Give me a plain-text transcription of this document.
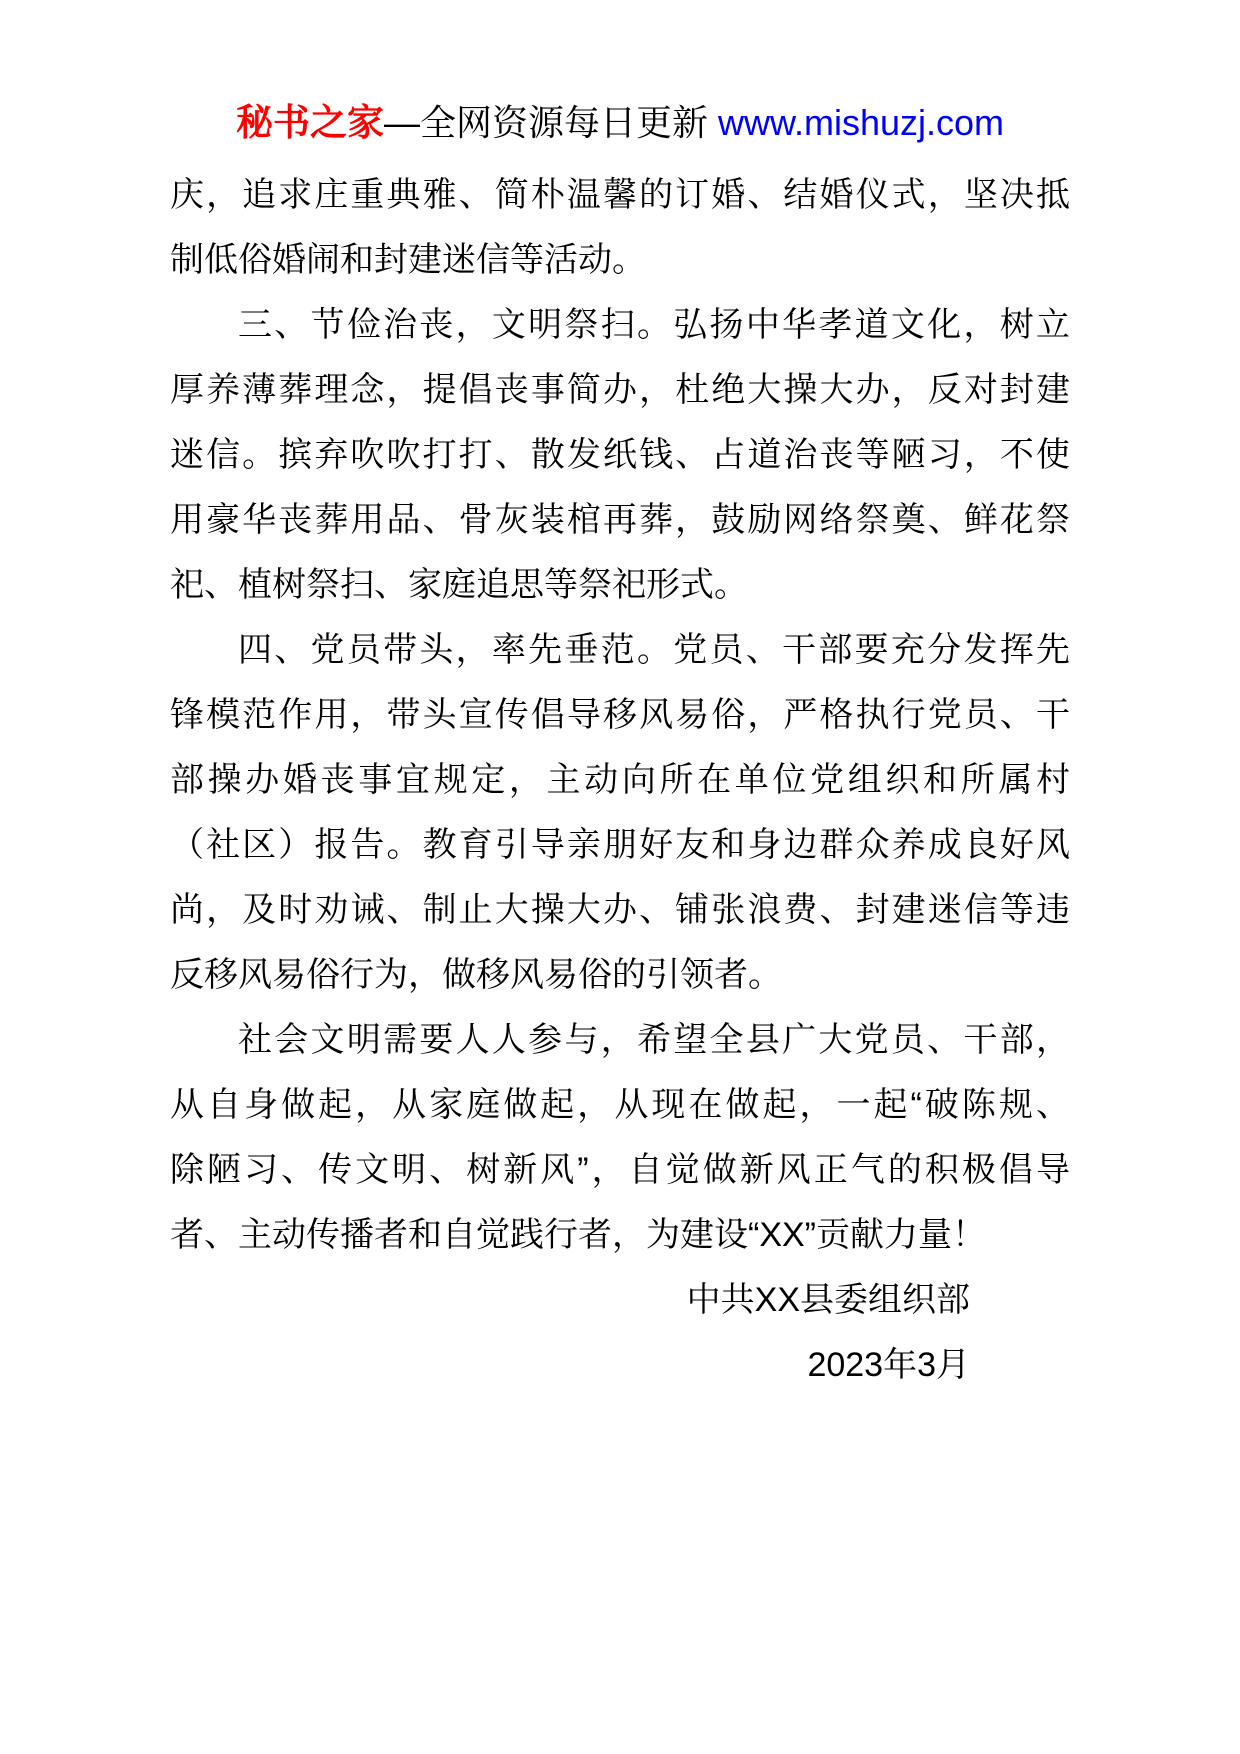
秘书之家—全网资源每日更新 www.mishuzj.com
庆，追求庄重典雅、简朴温馨的订婚、结婚仪式，坚决抵
制低俗婚闹和封建迷信等活动。
三、节俭治丧，文明祭扫。弘扬中华孝道文化，树立
厚养薄葬理念，提倡丧事简办，杜绝大操大办，反对封建
迷信。摈弃吹吹打打、散发纸钱、占道治丧等陋习，不使
用豪华丧葬用品、骨灰装棺再葬，鼓励网络祭奠、鲜花祭
祀、植树祭扫、家庭追思等祭祀形式。
四、党员带头，率先垂范。党员、干部要充分发挥先
锋模范作用，带头宣传倡导移风易俗，严格执行党员、干
部操办婚丧事宜规定，主动向所在单位党组织和所属村
（社区）报告。教育引导亲朋好友和身边群众养成良好风
尚，及时劝诫、制止大操大办、铺张浪费、封建迷信等违
反移风易俗行为，做移风易俗的引领者。
社会文明需要人人参与，希望全县广大党员、干部，
从自身做起，从家庭做起，从现在做起，一起“破陈规、
除陋习、传文明、树新风”，自觉做新风正气的积极倡导
者、主动传播者和自觉践行者，为建设“XX”贡献力量！
中共XX县委组织部
2023年3月
